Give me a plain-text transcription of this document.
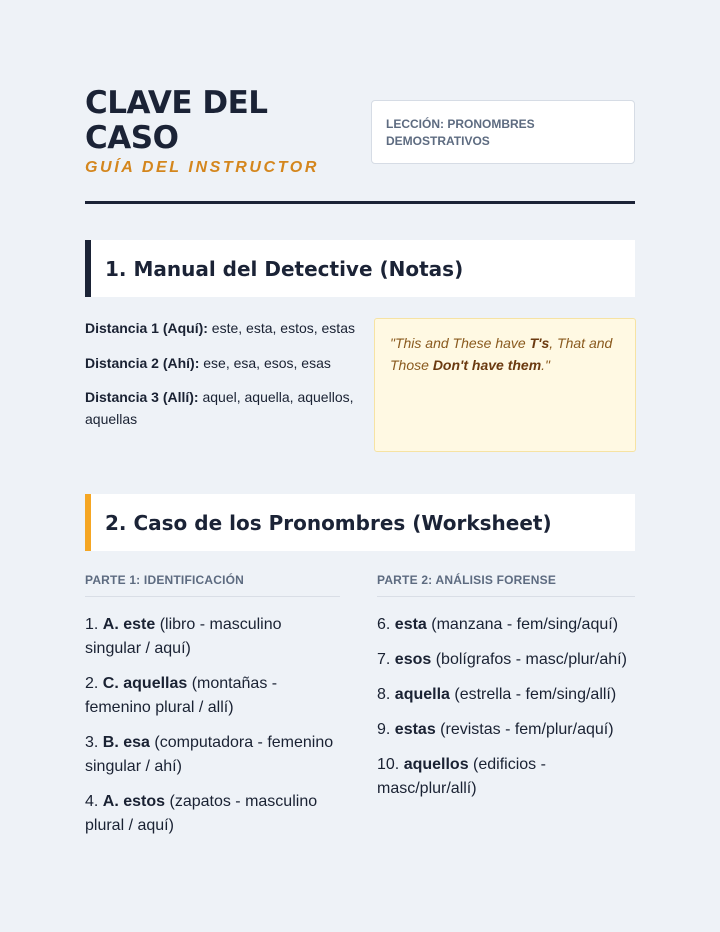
CLAVE DEL CASO
GUÍA DEL INSTRUCTOR
LECCIÓN: PRONOMBRES DEMOSTRATIVOS
1. Manual del Detective (Notas)
Distancia 1 (Aquí): este, esta, estos, estas
Distancia 2 (Ahí): ese, esa, esos, esas
Distancia 3 (Allí): aquel, aquella, aquellos, aquellas
"This and These have T's, That and Those Don't have them."
2. Caso de los Pronombres (Worksheet)
PARTE 1: IDENTIFICACIÓN
1. A. este (libro - masculino singular / aquí)
2. C. aquellas (montañas - femenino plural / allí)
3. B. esa (computadora - femenino singular / ahí)
4. A. estos (zapatos - masculino plural / aquí)
PARTE 2: ANÁLISIS FORENSE
6. esta (manzana - fem/sing/aquí)
7. esos (bolígrafos - masc/plur/ahí)
8. aquella (estrella - fem/sing/allí)
9. estas (revistas - fem/plur/aquí)
10. aquellos (edificios - masc/plur/allí)
